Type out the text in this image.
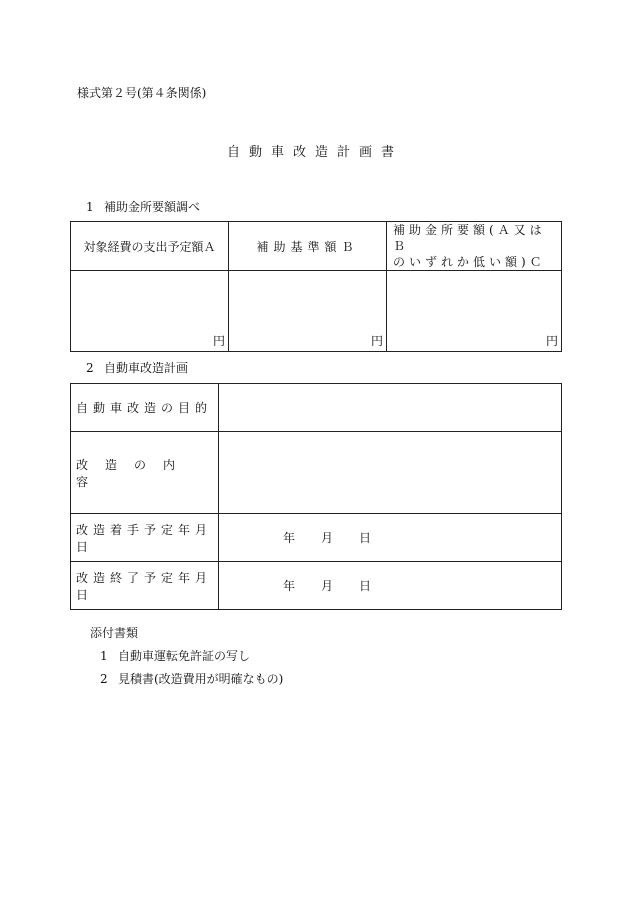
様式第２号(第４条関係)
自動車改造計画書
1 補助金所要額調べ
対象経費の支出予定額Ａ	補助基準額Ｂ	補助金所要額(Ａ又はＢ
のいずれか低い額)Ｃ

円	円	円
2 自動車改造計画
自動車改造の目的	
改造の内容	
改造着手予定年月日	年 月 日
改造終了予定年月日	年 月 日
添付書類
1 自動車運転免許証の写し
2 見積書(改造費用が明確なもの)
